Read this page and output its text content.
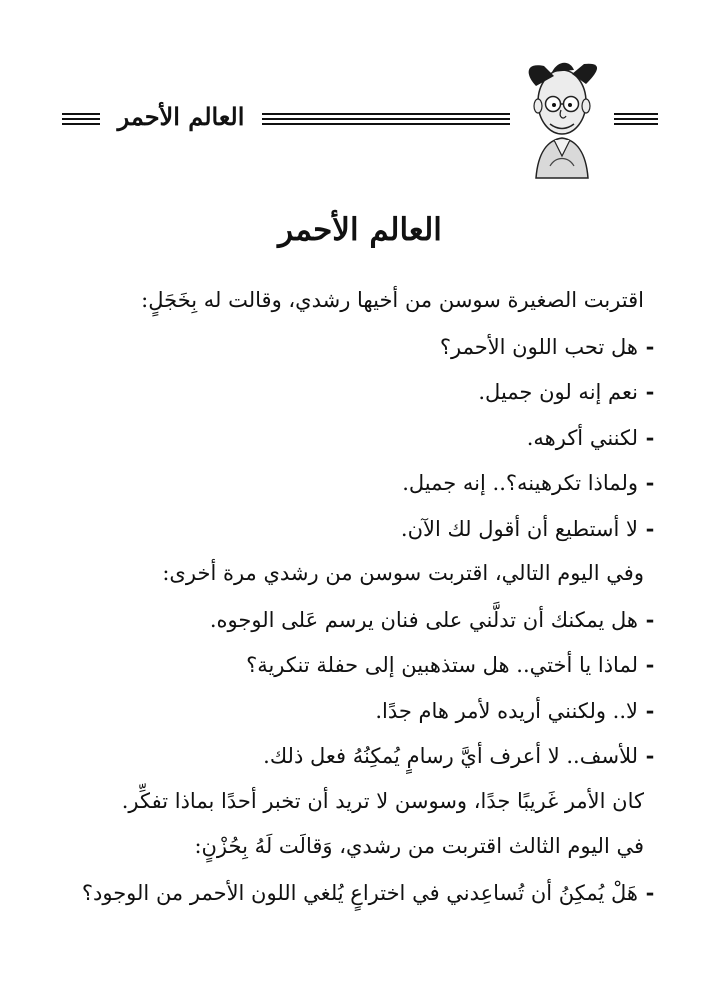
العالم الأحمر
العالم الأحمر
اقتربت الصغيرة سوسن من أخيها رشدي، وقالت له بِخَجَلٍ:
-هل تحب اللون الأحمر؟
-نعم إنه لون جميل.
-لكنني أكرهه.
-ولماذا تكرهينه؟.. إنه جميل.
-لا أستطيع أن أقول لك الآن.
وفي اليوم التالي، اقتربت سوسن من رشدي مرة أخرى:
-هل يمكنك أن تدلَّني على فنان يرسم عَلى الوجوه.
-لماذا يا أختي.. هل ستذهبين إلى حفلة تنكرية؟
-لا.. ولكنني أريده لأمر هام جدًا.
-للأسف.. لا أعرف أيَّ رسامٍ يُمكِنُهُ فعل ذلك.
كان الأمر غَريبًا جدًا، وسوسن لا تريد أن تخبر أحدًا بماذا تفكِّر.
في اليوم الثالث اقتربت من رشدي، وَقالَت لَهُ بِحُزْنٍ:
-هَلْ يُمكِنُ أن تُساعِدني في اختراعٍ يُلغي اللون الأحمر من الوجود؟
